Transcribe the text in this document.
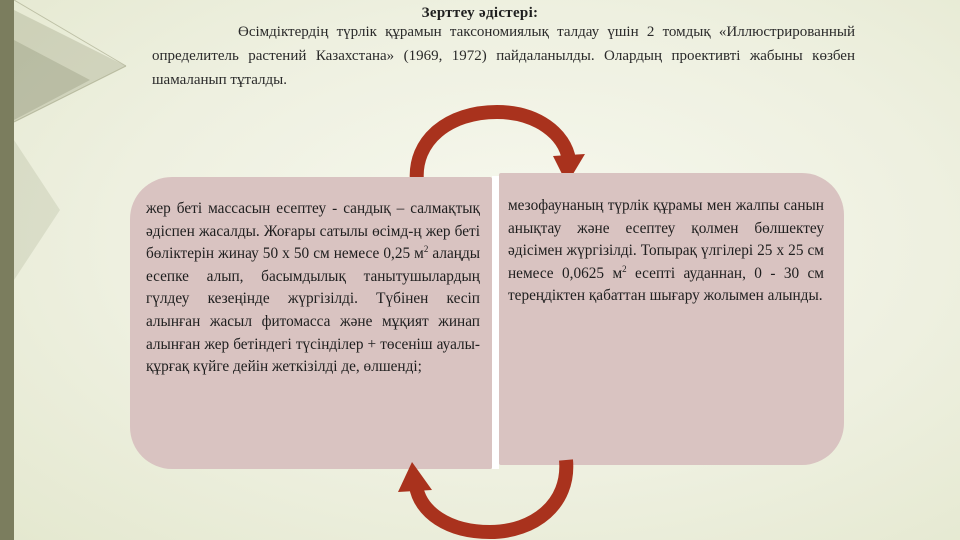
Зерттеу әдістері:
Өсімдіктердің түрлік құрамын таксономиялық талдау үшін 2 томдық «Иллюстрированный определитель растений Казахстана» (1969, 1972) пайдаланылды. Олардың проективті жабыны көзбен шамаланып тұталды.
жер беті массасын есептеу - сандық – салмақтық әдіспен жасалды. Жоғары сатылы өсімд-ң жер беті бөліктерін жинау 50 х 50 см немесе 0,25 $м^2$ алаңды есепке алып, басымдылық танытушылардың гүлдеу кезеңінде жүргізілді. Түбінен кесіп алынған жасыл фитомасса және мұқият жинап алынған жер бетіндегі түсінділер + төсеніш ауалы-құрғақ күйге дейін жеткізілді де, өлшенді;
мезофаунаның түрлік құрамы мен жалпы санын анықтау және есептеу қолмен бөлшектеу әдісімен жүргізілді. Топырақ үлгілері 25 х 25 см немесе 0,0625 $м^2$ есепті ауданнан, 0 - 30 см тереңдіктен қабаттан шығару жолымен алынды.
